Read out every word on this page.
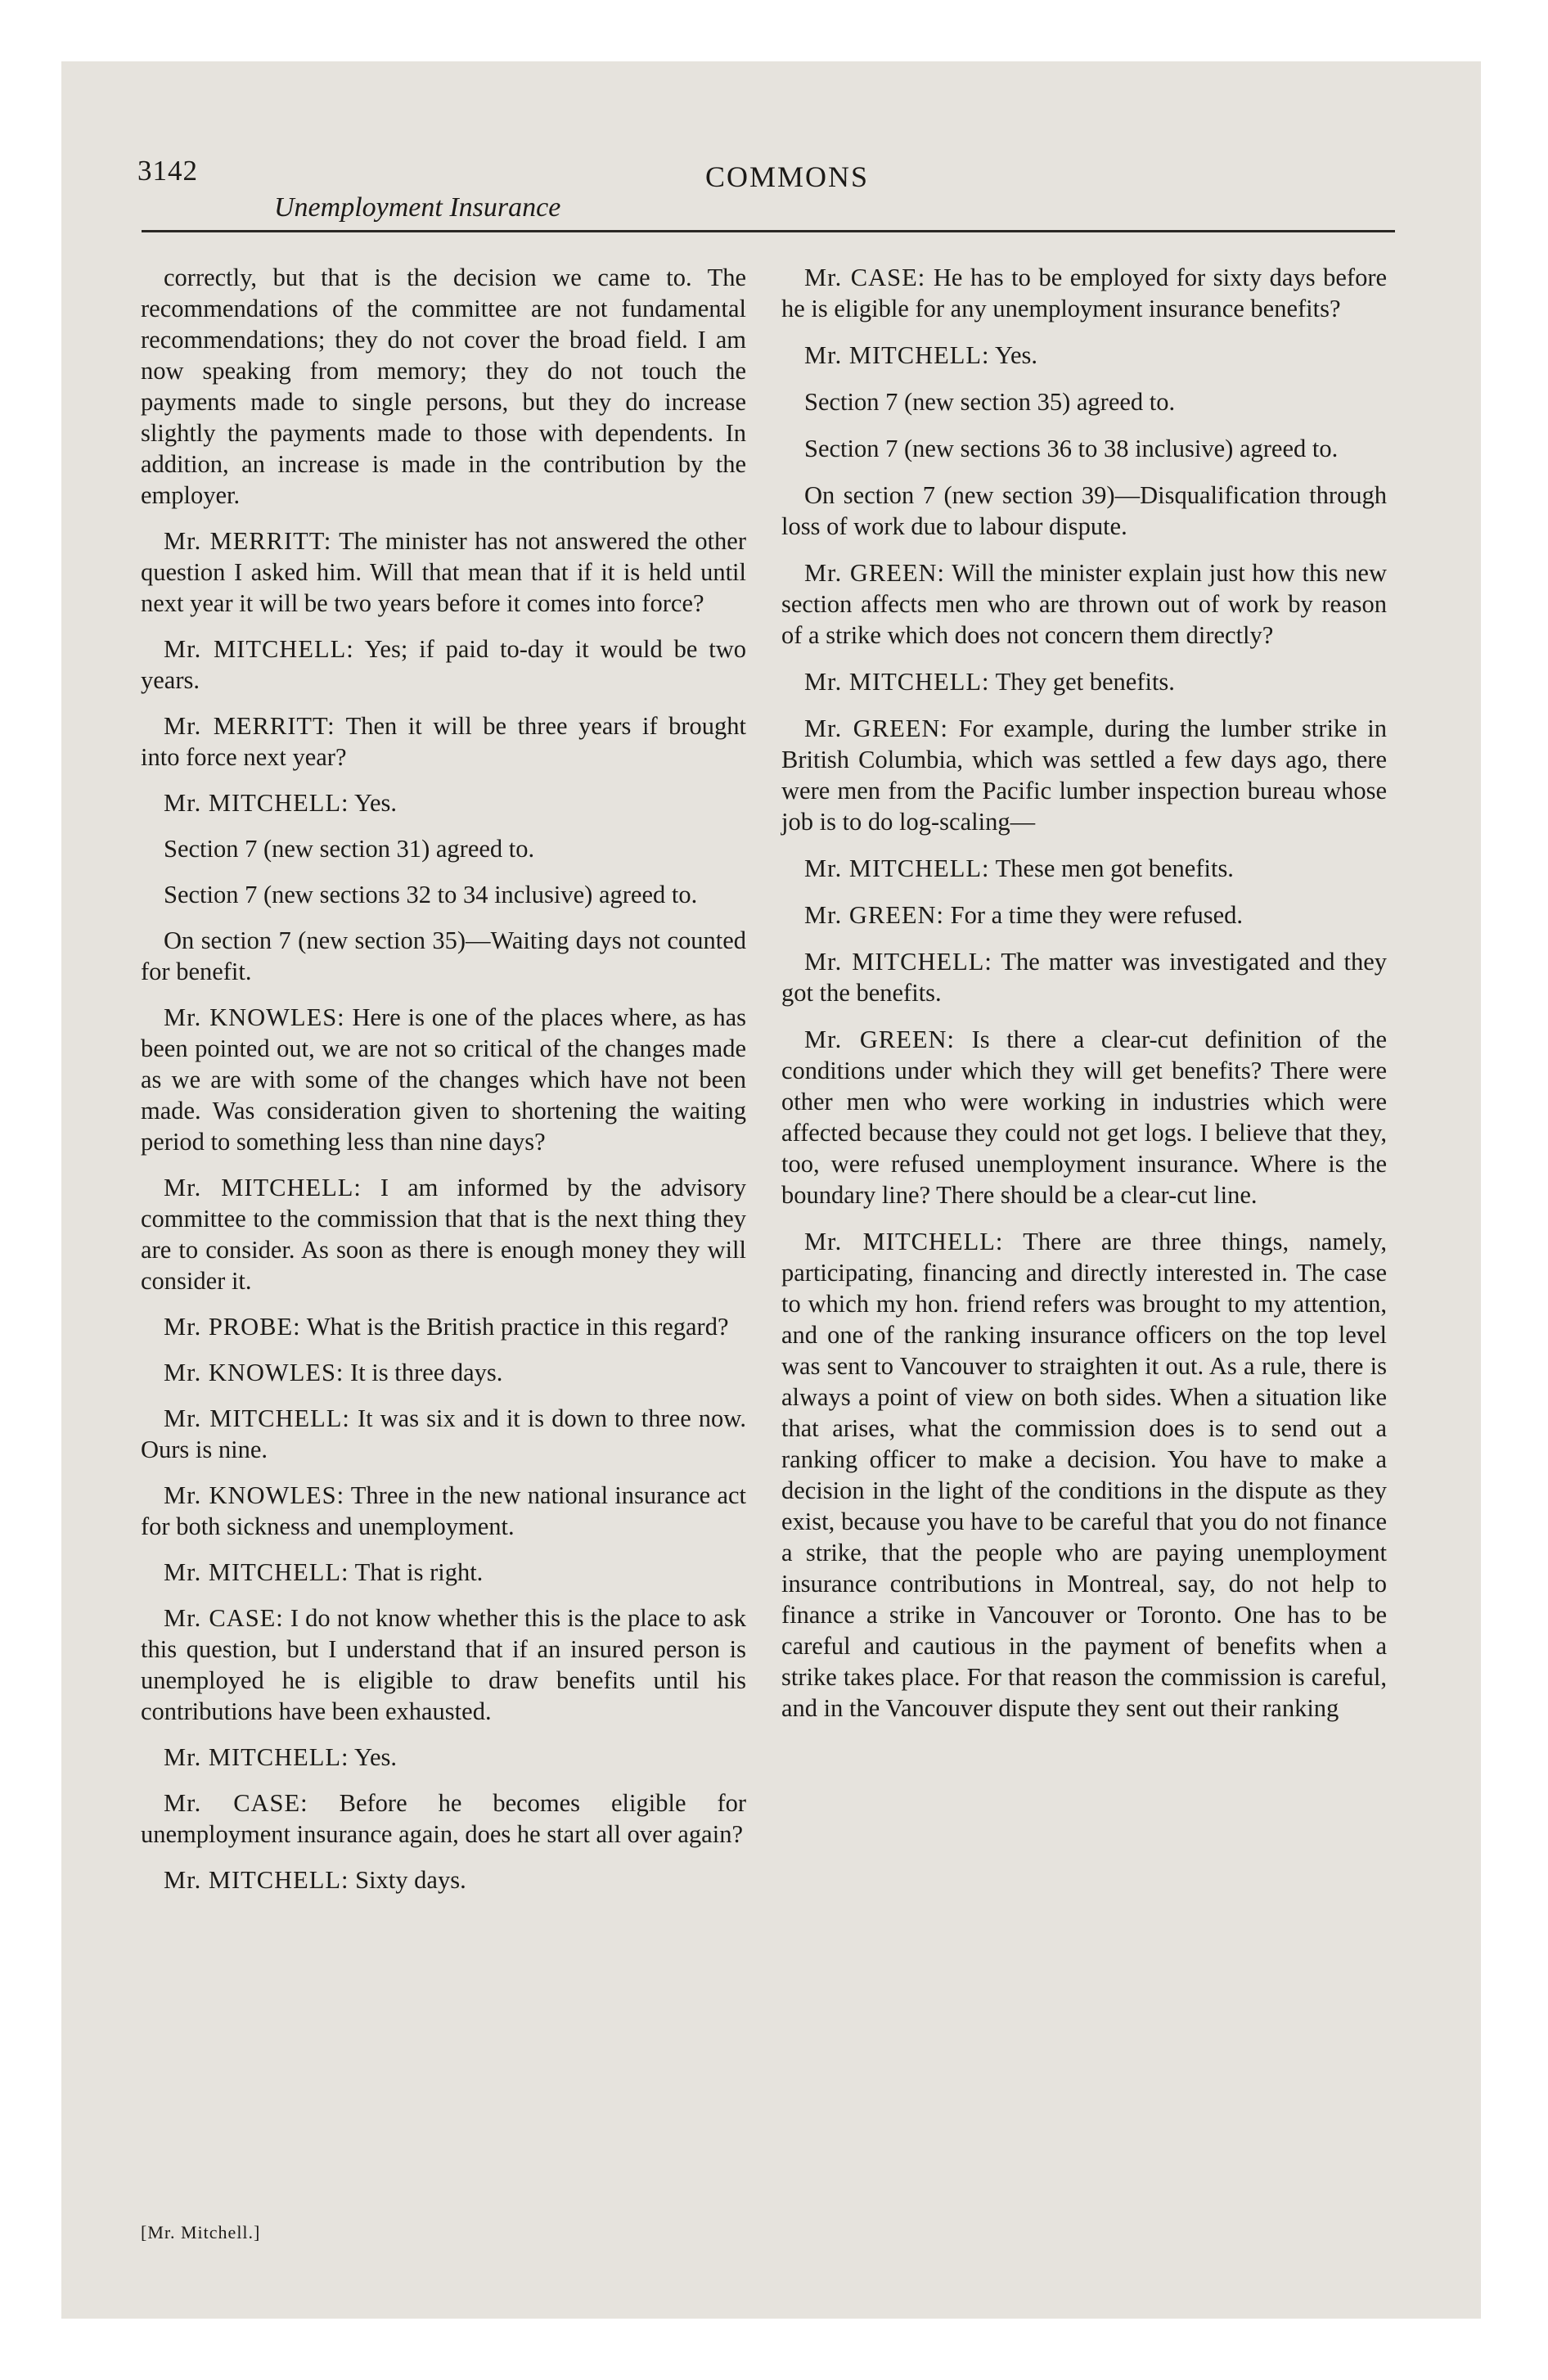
3142	COMMONS
Unemployment Insurance

correctly, but that is the decision we came to. The recommendations of the committee are not fundamental recommendations; they do not cover the broad field. I am now speaking from memory; they do not touch the payments made to single persons, but they do increase slightly the payments made to those with dependents. In addition, an increase is made in the contribution by the employer.

Mr. MERRITT: The minister has not answered the other question I asked him. Will that mean that if it is held until next year it will be two years before it comes into force?

Mr. MITCHELL: Yes; if paid to-day it would be two years.

Mr. MERRITT: Then it will be three years if brought into force next year?

Mr. MITCHELL: Yes.

Section 7 (new section 31) agreed to.

Section 7 (new sections 32 to 34 inclusive) agreed to.

On section 7 (new section 35)—Waiting days not counted for benefit.

Mr. KNOWLES: Here is one of the places where, as has been pointed out, we are not so critical of the changes made as we are with some of the changes which have not been made. Was consideration given to shortening the waiting period to something less than nine days?

Mr. MITCHELL: I am informed by the advisory committee to the commission that that is the next thing they are to consider. As soon as there is enough money they will consider it.

Mr. PROBE: What is the British practice in this regard?

Mr. KNOWLES: It is three days.

Mr. MITCHELL: It was six and it is down to three now. Ours is nine.

Mr. KNOWLES: Three in the new national insurance act for both sickness and unemployment.

Mr. MITCHELL: That is right.

Mr. CASE: I do not know whether this is the place to ask this question, but I understand that if an insured person is unemployed he is eligible to draw benefits until his contributions have been exhausted.

Mr. MITCHELL: Yes.

Mr. CASE: Before he becomes eligible for unemployment insurance again, does he start all over again?

Mr. MITCHELL: Sixty days.

Mr. CASE: He has to be employed for sixty days before he is eligible for any unemployment insurance benefits?

Mr. MITCHELL: Yes.

Section 7 (new section 35) agreed to.

Section 7 (new sections 36 to 38 inclusive) agreed to.

On section 7 (new section 39)—Disqualification through loss of work due to labour dispute.

Mr. GREEN: Will the minister explain just how this new section affects men who are thrown out of work by reason of a strike which does not concern them directly?

Mr. MITCHELL: They get benefits.

Mr. GREEN: For example, during the lumber strike in British Columbia, which was settled a few days ago, there were men from the Pacific lumber inspection bureau whose job is to do log-scaling—

Mr. MITCHELL: These men got benefits.

Mr. GREEN: For a time they were refused.

Mr. MITCHELL: The matter was investigated and they got the benefits.

Mr. GREEN: Is there a clear-cut definition of the conditions under which they will get benefits? There were other men who were working in industries which were affected because they could not get logs. I believe that they, too, were refused unemployment insurance. Where is the boundary line? There should be a clear-cut line.

Mr. MITCHELL: There are three things, namely, participating, financing and directly interested in. The case to which my hon. friend refers was brought to my attention, and one of the ranking insurance officers on the top level was sent to Vancouver to straighten it out. As a rule, there is always a point of view on both sides. When a situation like that arises, what the commission does is to send out a ranking officer to make a decision. You have to make a decision in the light of the conditions in the dispute as they exist, because you have to be careful that you do not finance a strike, that the people who are paying unemployment insurance contributions in Montreal, say, do not help to finance a strike in Vancouver or Toronto. One has to be careful and cautious in the payment of benefits when a strike takes place. For that reason the commission is careful, and in the Vancouver dispute they sent out their ranking

[Mr. Mitchell.]
